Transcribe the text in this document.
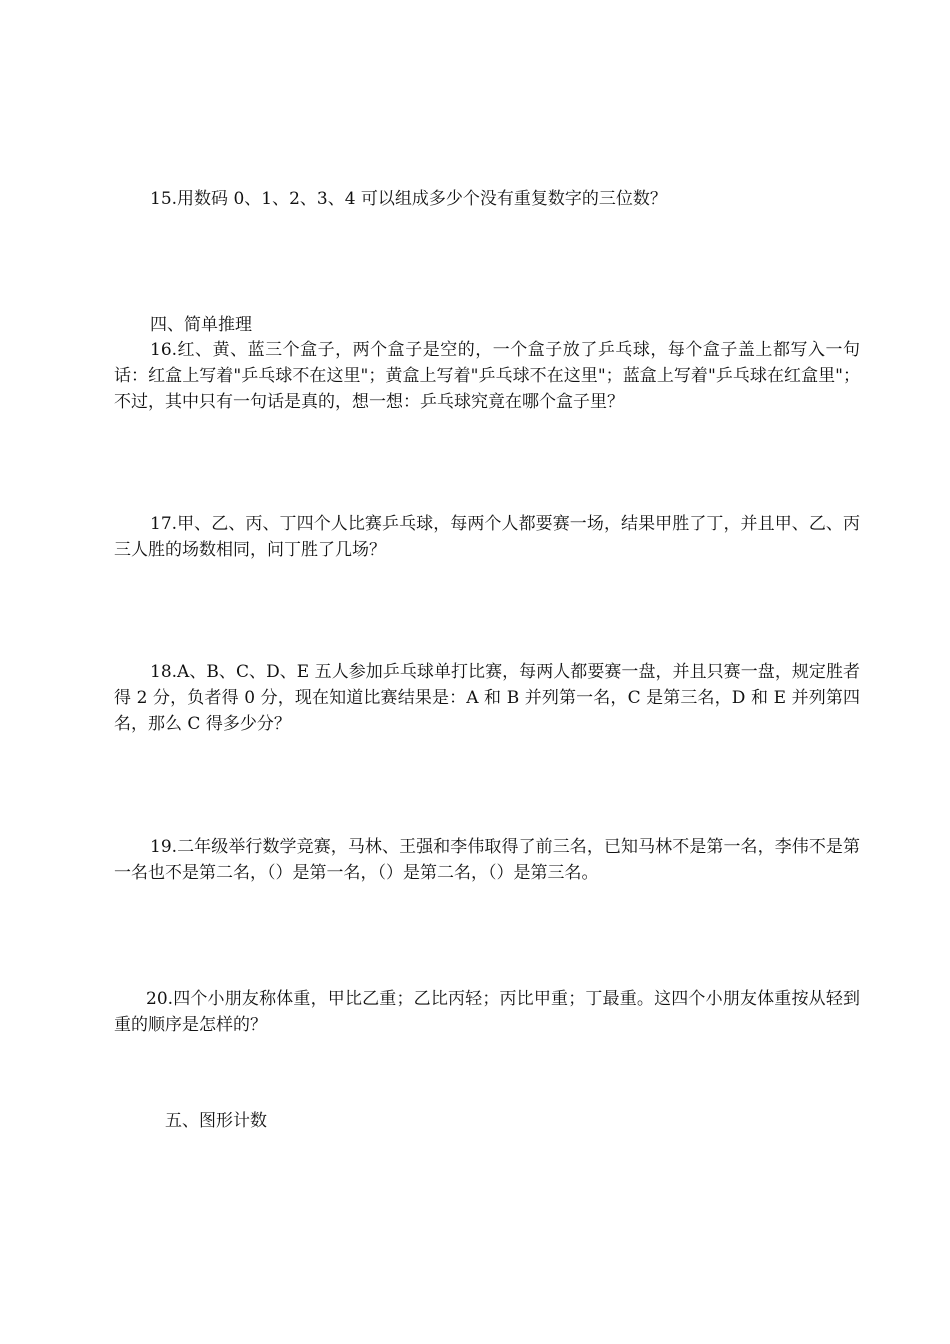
15.用数码 0、1、2、3、4 可以组成多少个没有重复数字的三位数？

四、简单推理

16.红、黄、蓝三个盒子，两个盒子是空的，一个盒子放了乒乓球，每个盒子盖上都写入一句话：红盒上写着"乒乓球不在这里"；黄盒上写着"乒乓球不在这里"；蓝盒上写着"乒乓球在红盒里"；不过，其中只有一句话是真的，想一想：乒乓球究竟在哪个盒子里？

17.甲、乙、丙、丁四个人比赛乒乓球，每两个人都要赛一场，结果甲胜了丁，并且甲、乙、丙三人胜的场数相同，问丁胜了几场？

18.A、B、C、D、E 五人参加乒乓球单打比赛，每两人都要赛一盘，并且只赛一盘，规定胜者得 2 分，负者得 0 分，现在知道比赛结果是：A 和 B 并列第一名，C 是第三名，D 和 E 并列第四名，那么 C 得多少分？

19.二年级举行数学竞赛，马林、王强和李伟取得了前三名，已知马林不是第一名，李伟不是第一名也不是第二名，（）是第一名，（）是第二名，（）是第三名。

20.四个小朋友称体重，甲比乙重；乙比丙轻；丙比甲重；丁最重。这四个小朋友体重按从轻到重的顺序是怎样的？

五、图形计数
